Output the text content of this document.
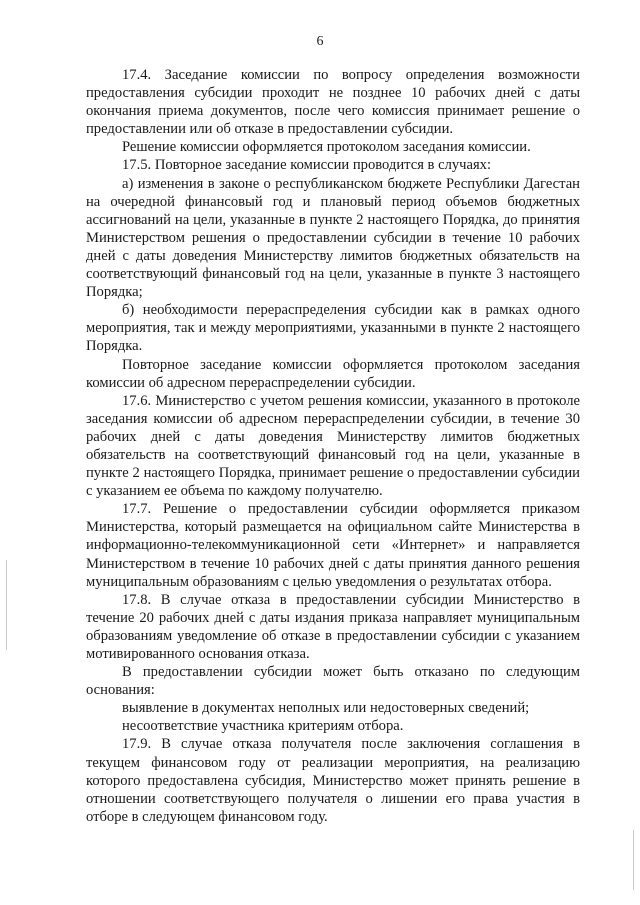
6

17.4. Заседание комиссии по вопросу определения возможности предоставления субсидии проходит не позднее 10 рабочих дней с даты окончания приема документов, после чего комиссия принимает решение о предоставлении или об отказе в предоставлении субсидии.

Решение комиссии оформляется протоколом заседания комиссии.

17.5. Повторное заседание комиссии проводится в случаях:

а) изменения в законе о республиканском бюджете Республики Дагестан на очередной финансовый год и плановый период объемов бюджетных ассигнований на цели, указанные в пункте 2 настоящего Порядка, до принятия Министерством решения о предоставлении субсидии в течение 10 рабочих дней с даты доведения Министерству лимитов бюджетных обязательств на соответствующий финансовый год на цели, указанные в пункте 3 настоящего Порядка;

б) необходимости перераспределения субсидии как в рамках одного мероприятия, так и между мероприятиями, указанными в пункте 2 настоящего Порядка.

Повторное заседание комиссии оформляется протоколом заседания комиссии об адресном перераспределении субсидии.

17.6. Министерство с учетом решения комиссии, указанного в протоколе заседания комиссии об адресном перераспределении субсидии, в течение 30 рабочих дней с даты доведения Министерству лимитов бюджетных обязательств на соответствующий финансовый год на цели, указанные в пункте 2 настоящего Порядка, принимает решение о предоставлении субсидии с указанием ее объема по каждому получателю.

17.7. Решение о предоставлении субсидии оформляется приказом Министерства, который размещается на официальном сайте Министерства в информационно-телекоммуникационной сети «Интернет» и направляется Министерством в течение 10 рабочих дней с даты принятия данного решения муниципальным образованиям с целью уведомления о результатах отбора.

17.8. В случае отказа в предоставлении субсидии Министерство в течение 20 рабочих дней с даты издания приказа направляет муниципальным образованиям уведомление об отказе в предоставлении субсидии с указанием мотивированного основания отказа.

В предоставлении субсидии может быть отказано по следующим основания:

выявление в документах неполных или недостоверных сведений;

несоответствие участника критериям отбора.

17.9. В случае отказа получателя после заключения соглашения в текущем финансовом году от реализации мероприятия, на реализацию которого предоставлена субсидия, Министерство может принять решение в отношении соответствующего получателя о лишении его права участия в отборе в следующем финансовом году.
